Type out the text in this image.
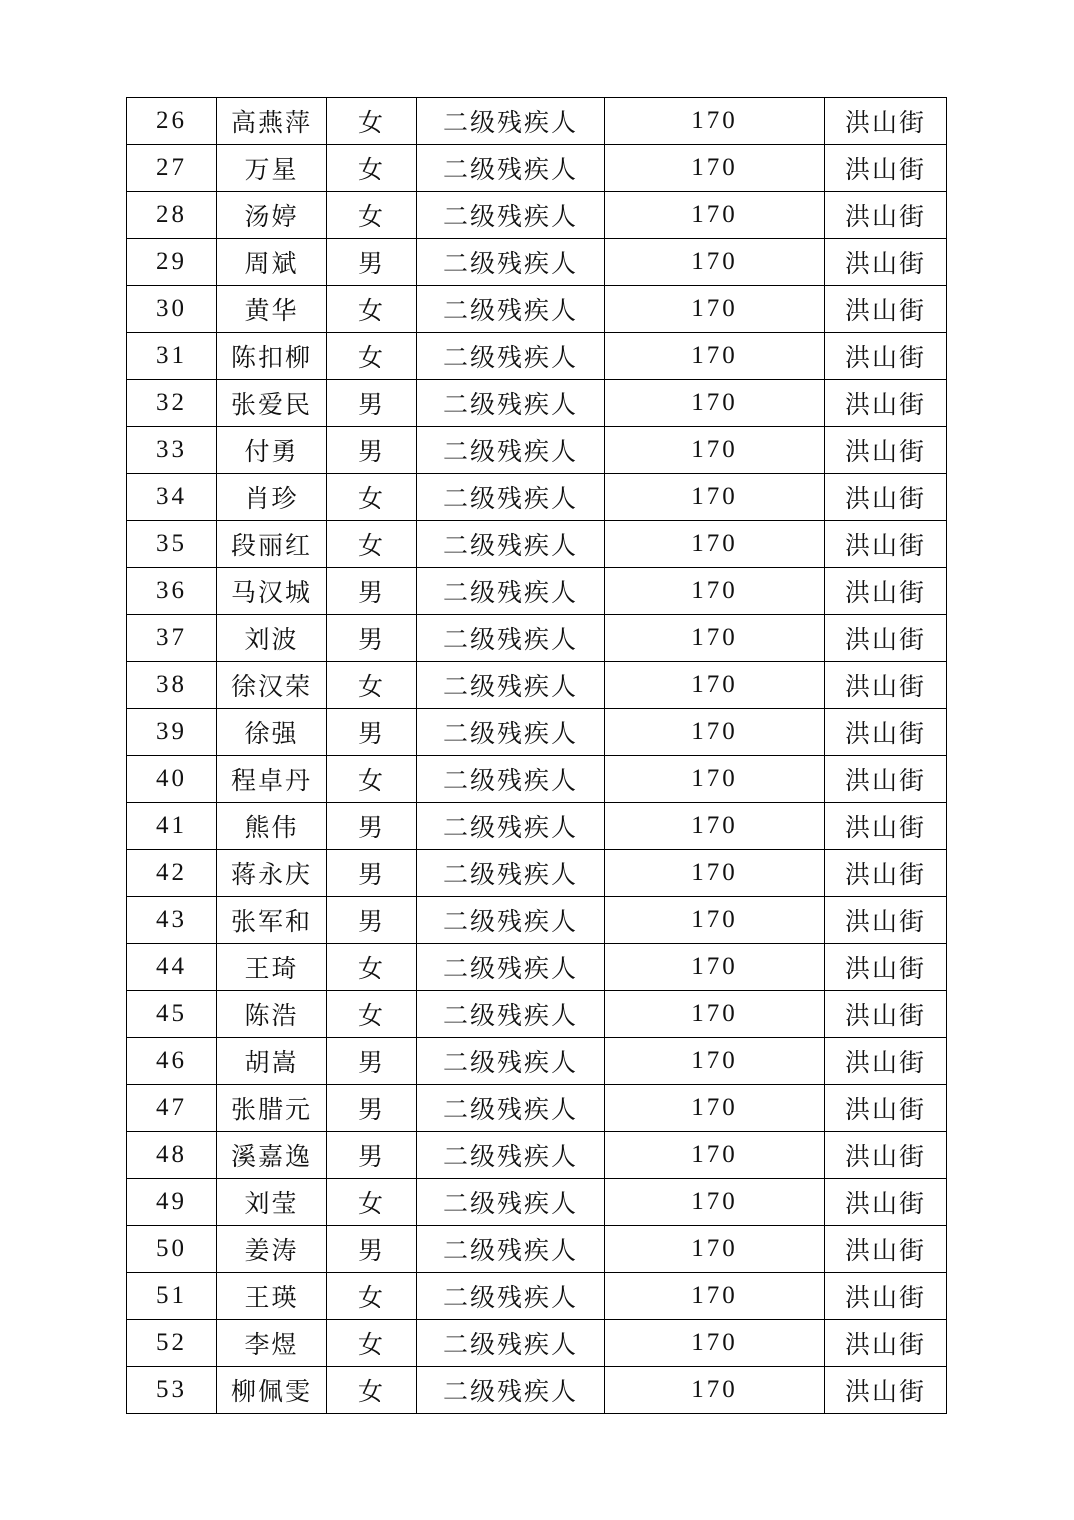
26	高燕萍	女	二级残疾人	170	洪山街
27	万星	女	二级残疾人	170	洪山街
28	汤婷	女	二级残疾人	170	洪山街
29	周斌	男	二级残疾人	170	洪山街
30	黄华	女	二级残疾人	170	洪山街
31	陈扣柳	女	二级残疾人	170	洪山街
32	张爱民	男	二级残疾人	170	洪山街
33	付勇	男	二级残疾人	170	洪山街
34	肖珍	女	二级残疾人	170	洪山街
35	段丽红	女	二级残疾人	170	洪山街
36	马汉城	男	二级残疾人	170	洪山街
37	刘波	男	二级残疾人	170	洪山街
38	徐汉荣	女	二级残疾人	170	洪山街
39	徐强	男	二级残疾人	170	洪山街
40	程卓丹	女	二级残疾人	170	洪山街
41	熊伟	男	二级残疾人	170	洪山街
42	蒋永庆	男	二级残疾人	170	洪山街
43	张军和	男	二级残疾人	170	洪山街
44	王琦	女	二级残疾人	170	洪山街
45	陈浩	女	二级残疾人	170	洪山街
46	胡嵩	男	二级残疾人	170	洪山街
47	张腊元	男	二级残疾人	170	洪山街
48	溪嘉逸	男	二级残疾人	170	洪山街
49	刘莹	女	二级残疾人	170	洪山街
50	姜涛	男	二级残疾人	170	洪山街
51	王瑛	女	二级残疾人	170	洪山街
52	李煜	女	二级残疾人	170	洪山街
53	柳佩雯	女	二级残疾人	170	洪山街
